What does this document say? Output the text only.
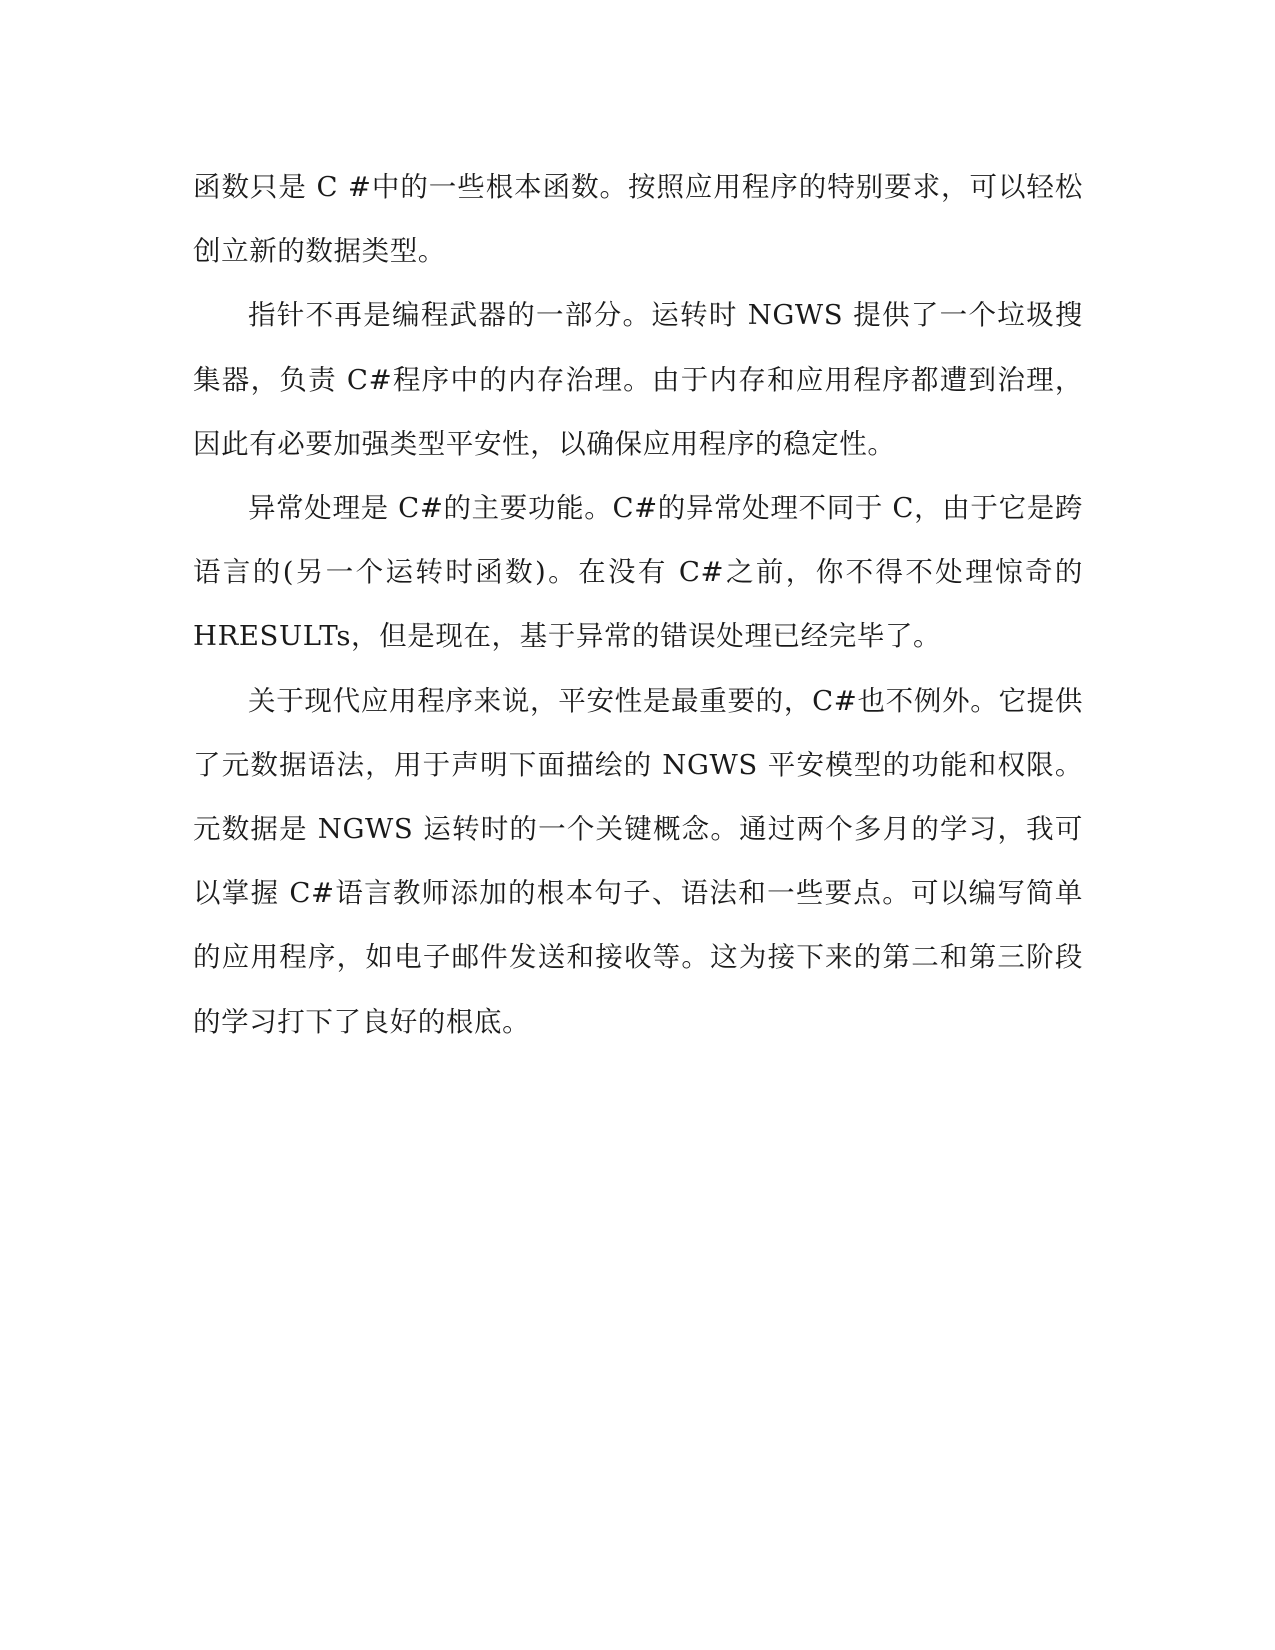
函数只是 C #中的一些根本函数。按照应用程序的特别要求，可以轻松创立新的数据类型。

指针不再是编程武器的一部分。运转时 NGWS 提供了一个垃圾搜集器，负责 C#程序中的内存治理。由于内存和应用程序都遭到治理，因此有必要加强类型平安性，以确保应用程序的稳定性。

异常处理是 C#的主要功能。C#的异常处理不同于 C，由于它是跨语言的(另一个运转时函数)。在没有 C#之前，你不得不处理惊奇的HRESULTs，但是现在，基于异常的错误处理已经完毕了。

关于现代应用程序来说，平安性是最重要的，C#也不例外。它提供了元数据语法，用于声明下面描绘的 NGWS 平安模型的功能和权限。元数据是 NGWS 运转时的一个关键概念。通过两个多月的学习，我可以掌握 C#语言教师添加的根本句子、语法和一些要点。可以编写简单的应用程序，如电子邮件发送和接收等。这为接下来的第二和第三阶段的学习打下了良好的根底。
